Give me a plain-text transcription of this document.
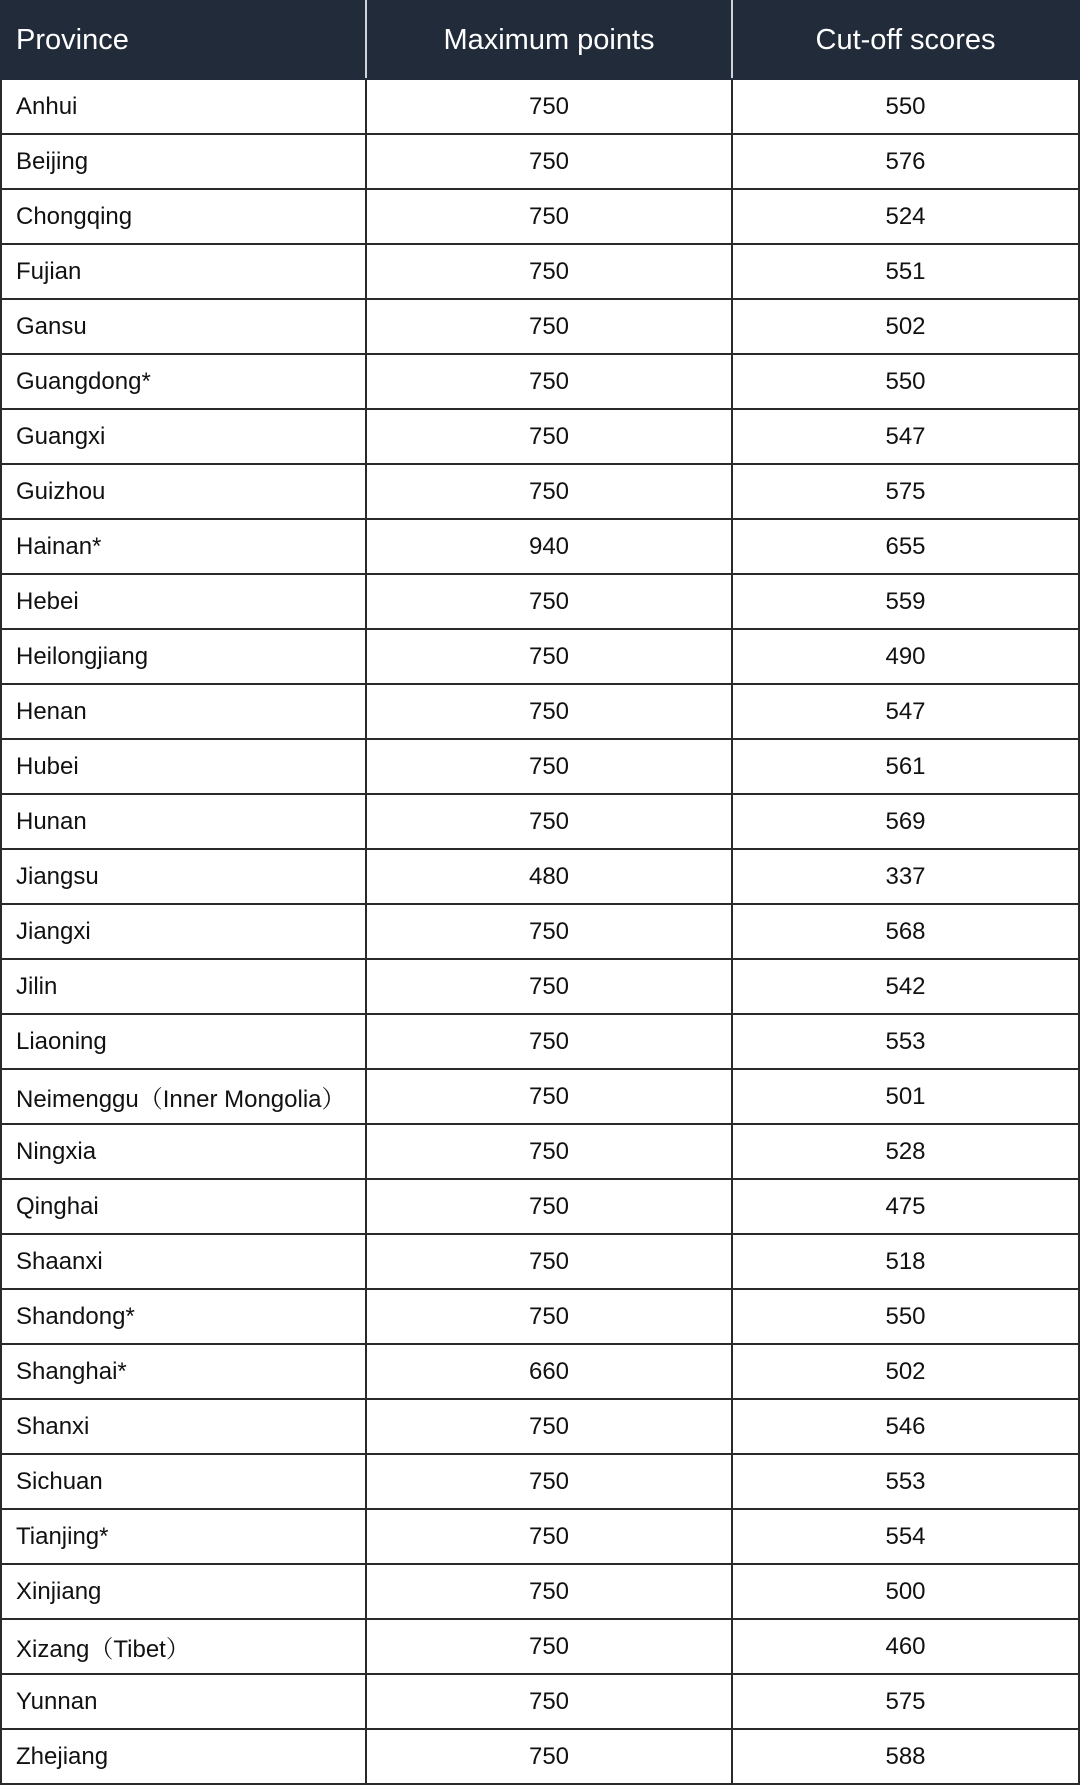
Province	Maximum points	Cut-off scores
Anhui	750	550
Beijing	750	576
Chongqing	750	524
Fujian	750	551
Gansu	750	502
Guangdong*	750	550
Guangxi	750	547
Guizhou	750	575
Hainan*	940	655
Hebei	750	559
Heilongjiang	750	490
Henan	750	547
Hubei	750	561
Hunan	750	569
Jiangsu	480	337
Jiangxi	750	568
Jilin	750	542
Liaoning	750	553
Neimenggu（Inner Mongolia）	750	501
Ningxia	750	528
Qinghai	750	475
Shaanxi	750	518
Shandong*	750	550
Shanghai*	660	502
Shanxi	750	546
Sichuan	750	553
Tianjing*	750	554
Xinjiang	750	500
Xizang（Tibet）	750	460
Yunnan	750	575
Zhejiang	750	588
